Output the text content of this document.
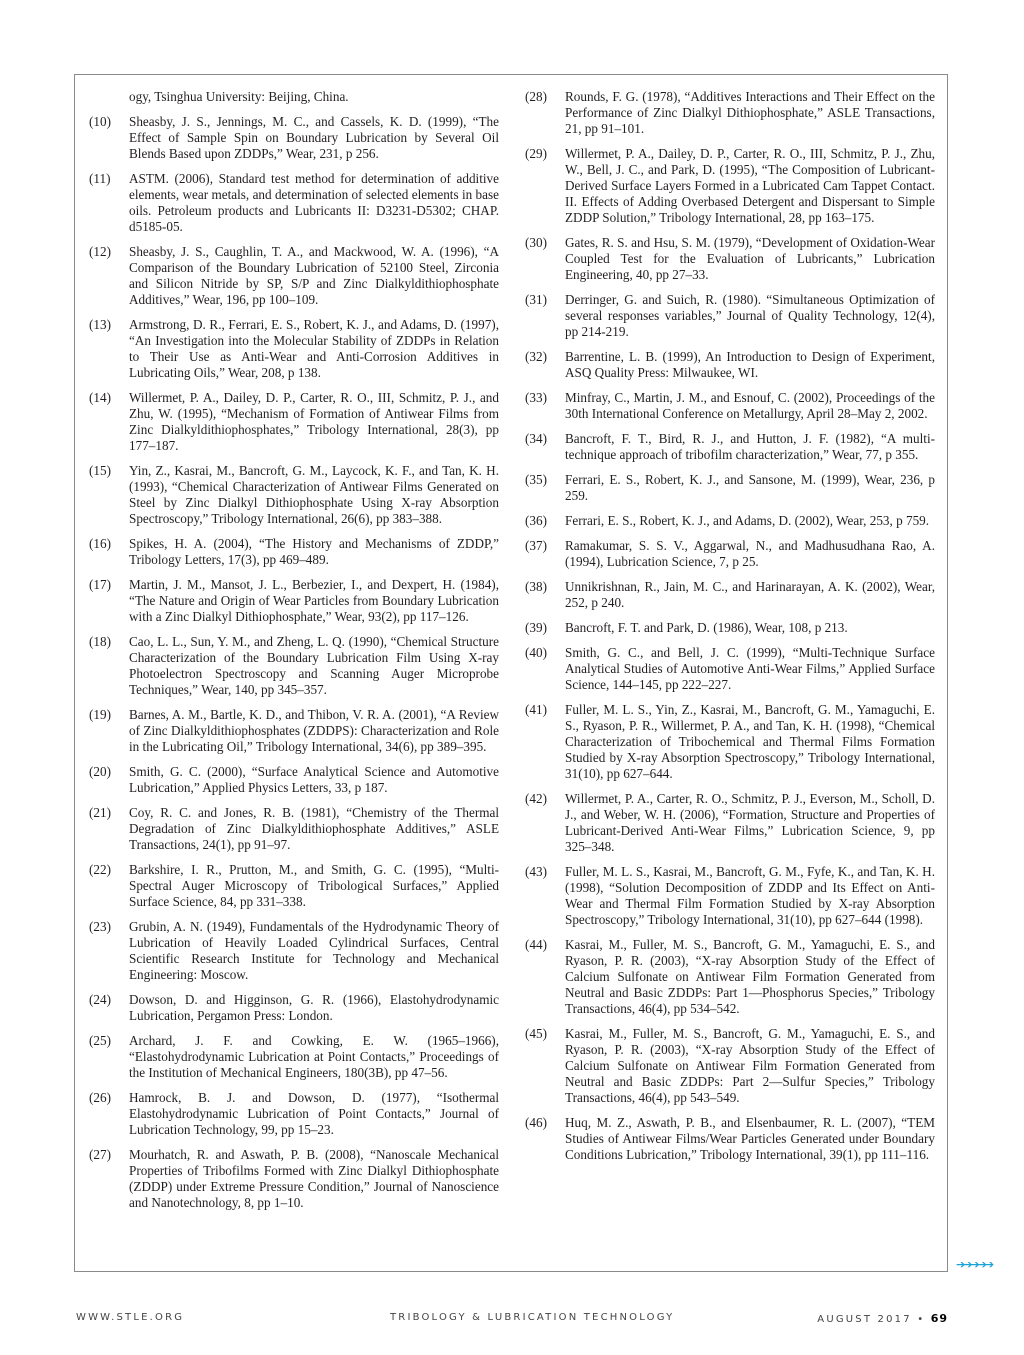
ogy, Tsinghua University: Beijing, China.
(10)	Sheasby, J. S., Jennings, M. C., and Cassels, K. D. (1999), “The Effect of Sample Spin on Boundary Lubrication by Several Oil Blends Based upon ZDDPs,” Wear, 231, p 256.
(11)	ASTM. (2006), Standard test method for determination of additive elements, wear metals, and determination of selected elements in base oils. Petroleum products and Lubricants II: D3231-D5302; CHAP. d5185-05.
(12)	Sheasby, J. S., Caughlin, T. A., and Mackwood, W. A. (1996), “A Comparison of the Boundary Lubrication of 52100 Steel, Zirconia and Silicon Nitride by SP, S/P and Zinc Dialkyldithiophosphate Additives,” Wear, 196, pp 100–109.
(13)	Armstrong, D. R., Ferrari, E. S., Robert, K. J., and Adams, D. (1997), “An Investigation into the Molecular Stability of ZDDPs in Relation to Their Use as Anti-Wear and Anti-Corrosion Additives in Lubricating Oils,” Wear, 208, p 138.
(14)	Willermet, P. A., Dailey, D. P., Carter, R. O., III, Schmitz, P. J., and Zhu, W. (1995), “Mechanism of Formation of Antiwear Films from Zinc Dialkyldithiophosphates,” Tribology International, 28(3), pp 177–187.
(15)	Yin, Z., Kasrai, M., Bancroft, G. M., Laycock, K. F., and Tan, K. H. (1993), “Chemical Characterization of Antiwear Films Generated on Steel by Zinc Dialkyl Dithiophosphate Using X-ray Absorption Spectroscopy,” Tribology International, 26(6), pp 383–388.
(16)	Spikes, H. A. (2004), “The History and Mechanisms of ZDDP,” Tribology Letters, 17(3), pp 469–489.
(17)	Martin, J. M., Mansot, J. L., Berbezier, I., and Dexpert, H. (1984), “The Nature and Origin of Wear Particles from Boundary Lubrication with a Zinc Dialkyl Dithiophosphate,” Wear, 93(2), pp 117–126.
(18)	Cao, L. L., Sun, Y. M., and Zheng, L. Q. (1990), “Chemical Structure Characterization of the Boundary Lubrication Film Using X-ray Photoelectron Spectroscopy and Scanning Auger Microprobe Techniques,” Wear, 140, pp 345–357.
(19)	Barnes, A. M., Bartle, K. D., and Thibon, V. R. A. (2001), “A Review of Zinc Dialkyldithiophosphates (ZDDPS): Characterization and Role in the Lubricating Oil,” Tribology International, 34(6), pp 389–395.
(20)	Smith, G. C. (2000), “Surface Analytical Science and Automotive Lubrication,” Applied Physics Letters, 33, p 187.
(21)	Coy, R. C. and Jones, R. B. (1981), “Chemistry of the Thermal Degradation of Zinc Dialkyldithiophosphate Additives,” ASLE Transactions, 24(1), pp 91–97.
(22)	Barkshire, I. R., Prutton, M., and Smith, G. C. (1995), “Multi-Spectral Auger Microscopy of Tribological Surfaces,” Applied Surface Science, 84, pp 331–338.
(23)	Grubin, A. N. (1949), Fundamentals of the Hydrodynamic Theory of Lubrication of Heavily Loaded Cylindrical Surfaces, Central Scientific Research Institute for Technology and Mechanical Engineering: Moscow.
(24)	Dowson, D. and Higginson, G. R. (1966), Elastohydrodynamic Lubrication, Pergamon Press: London.
(25)	Archard, J. F. and Cowking, E. W. (1965–1966), “Elastohydrodynamic Lubrication at Point Contacts,” Proceedings of the Institution of Mechanical Engineers, 180(3B), pp 47–56.
(26)	Hamrock, B. J. and Dowson, D. (1977), “Isothermal Elastohydrodynamic Lubrication of Point Contacts,” Journal of Lubrication Technology, 99, pp 15–23.
(27)	Mourhatch, R. and Aswath, P. B. (2008), “Nanoscale Mechanical Properties of Tribofilms Formed with Zinc Dialkyl Dithiophosphate (ZDDP) under Extreme Pressure Condition,” Journal of Nanoscience and Nanotechnology, 8, pp 1–10.
(28)	Rounds, F. G. (1978), “Additives Interactions and Their Effect on the Performance of Zinc Dialkyl Dithiophosphate,” ASLE Transactions, 21, pp 91–101.
(29)	Willermet, P. A., Dailey, D. P., Carter, R. O., III, Schmitz, P. J., Zhu, W., Bell, J. C., and Park, D. (1995), “The Composition of Lubricant-Derived Surface Layers Formed in a Lubricated Cam Tappet Contact. II. Effects of Adding Overbased Detergent and Dispersant to Simple ZDDP Solution,” Tribology International, 28, pp 163–175.
(30)	Gates, R. S. and Hsu, S. M. (1979), “Development of Oxidation-Wear Coupled Test for the Evaluation of Lubricants,” Lubrication Engineering, 40, pp 27–33.
(31)	Derringer, G. and Suich, R. (1980). “Simultaneous Optimization of several responses variables,” Journal of Quality Technology, 12(4), pp 214-219.
(32)	Barrentine, L. B. (1999), An Introduction to Design of Experiment, ASQ Quality Press: Milwaukee, WI.
(33)	Minfray, C., Martin, J. M., and Esnouf, C. (2002), Proceedings of the 30th International Conference on Metallurgy, April 28–May 2, 2002.
(34)	Bancroft, F. T., Bird, R. J., and Hutton, J. F. (1982), “A multi-technique approach of tribofilm characterization,” Wear, 77, p 355.
(35)	Ferrari, E. S., Robert, K. J., and Sansone, M. (1999), Wear, 236, p 259.
(36)	Ferrari, E. S., Robert, K. J., and Adams, D. (2002), Wear, 253, p 759.
(37)	Ramakumar, S. S. V., Aggarwal, N., and Madhusudhana Rao, A. (1994), Lubrication Science, 7, p 25.
(38)	Unnikrishnan, R., Jain, M. C., and Harinarayan, A. K. (2002), Wear, 252, p 240.
(39)	Bancroft, F. T. and Park, D. (1986), Wear, 108, p 213.
(40)	Smith, G. C., and Bell, J. C. (1999), “Multi-Technique Surface Analytical Studies of Automotive Anti-Wear Films,” Applied Surface Science, 144–145, pp 222–227.
(41)	Fuller, M. L. S., Yin, Z., Kasrai, M., Bancroft, G. M., Yamaguchi, E. S., Ryason, P. R., Willermet, P. A., and Tan, K. H. (1998), “Chemical Characterization of Tribochemical and Thermal Films Formation Studied by X-ray Absorption Spectroscopy,” Tribology International, 31(10), pp 627–644.
(42)	Willermet, P. A., Carter, R. O., Schmitz, P. J., Everson, M., Scholl, D. J., and Weber, W. H. (2006), “Formation, Structure and Properties of Lubricant-Derived Anti-Wear Films,” Lubrication Science, 9, pp 325–348.
(43)	Fuller, M. L. S., Kasrai, M., Bancroft, G. M., Fyfe, K., and Tan, K. H. (1998), “Solution Decomposition of ZDDP and Its Effect on Anti-Wear and Thermal Film Formation Studied by X-ray Absorption Spectroscopy,” Tribology International, 31(10), pp 627–644 (1998).
(44)	Kasrai, M., Fuller, M. S., Bancroft, G. M., Yamaguchi, E. S., and Ryason, P. R. (2003), “X-ray Absorption Study of the Effect of Calcium Sulfonate on Antiwear Film Formation Generated from Neutral and Basic ZDDPs: Part 1—Phosphorus Species,” Tribology Transactions, 46(4), pp 534–542.
(45)	Kasrai, M., Fuller, M. S., Bancroft, G. M., Yamaguchi, E. S., and Ryason, P. R. (2003), “X-ray Absorption Study of the Effect of Calcium Sulfonate on Antiwear Film Formation Generated from Neutral and Basic ZDDPs: Part 2—Sulfur Species,” Tribology Transactions, 46(4), pp 543–549.
(46)	Huq, M. Z., Aswath, P. B., and Elsenbaumer, R. L. (2007), “TEM Studies of Antiwear Films/Wear Particles Generated under Boundary Conditions Lubrication,” Tribology International, 39(1), pp 111–116.
➔➔➔➔➔
WWW.STLE.ORG	TRIBOLOGY & LUBRICATION TECHNOLOGY	AUGUST 2017 • 69
